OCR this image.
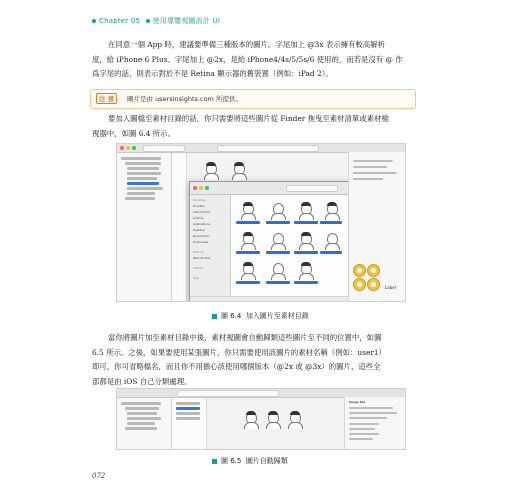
Chapter 05 使用導覽視圖設計 UI
在同意一個 App 時，建議要準備三種版本的圖片。字尾加上 @3x 表示擁有較高解析
度，給 iPhone 6 Plus。字尾加上 @2x，是給 iPhone4/4s/5/5s/6 使用的，而若是沒有 @ 作
爲字尾的話，則表示對於不是 Retina 顯示器的舊裝置（例如：iPad 2）。
注 意	圖片是由 usersinsights.com 所提供。
要加入圖檔至素材目錄的話，你只需要將這些圖片從 Finder 拖曳至素材清單或素材檢
視器中，如圖 6.4 所示。
Favorites
Dropbox
iCloud Drive
AirDrop
Applications
Desktop
Documents
Downloads
Devices
Remote Disc
Shared
Tags
Label
圖 6.4 加入圖片至素材目錄
當你將圖片加至素材目錄中後，素材視圖會自動歸類這些圖片至不同的位置中，如圖
6.5 所示。之後，如果要使用某張圖片，你只需要使用該圖片的素材名稱（例如：user1）
即可，你可省略檔名，而且你不用擔心該使用哪個版本（@2x 或 @3x）的圖片，這些全
部都是由 iOS 自己分類處理。
Image Set
圖 6.5 圖片自動歸類
072
